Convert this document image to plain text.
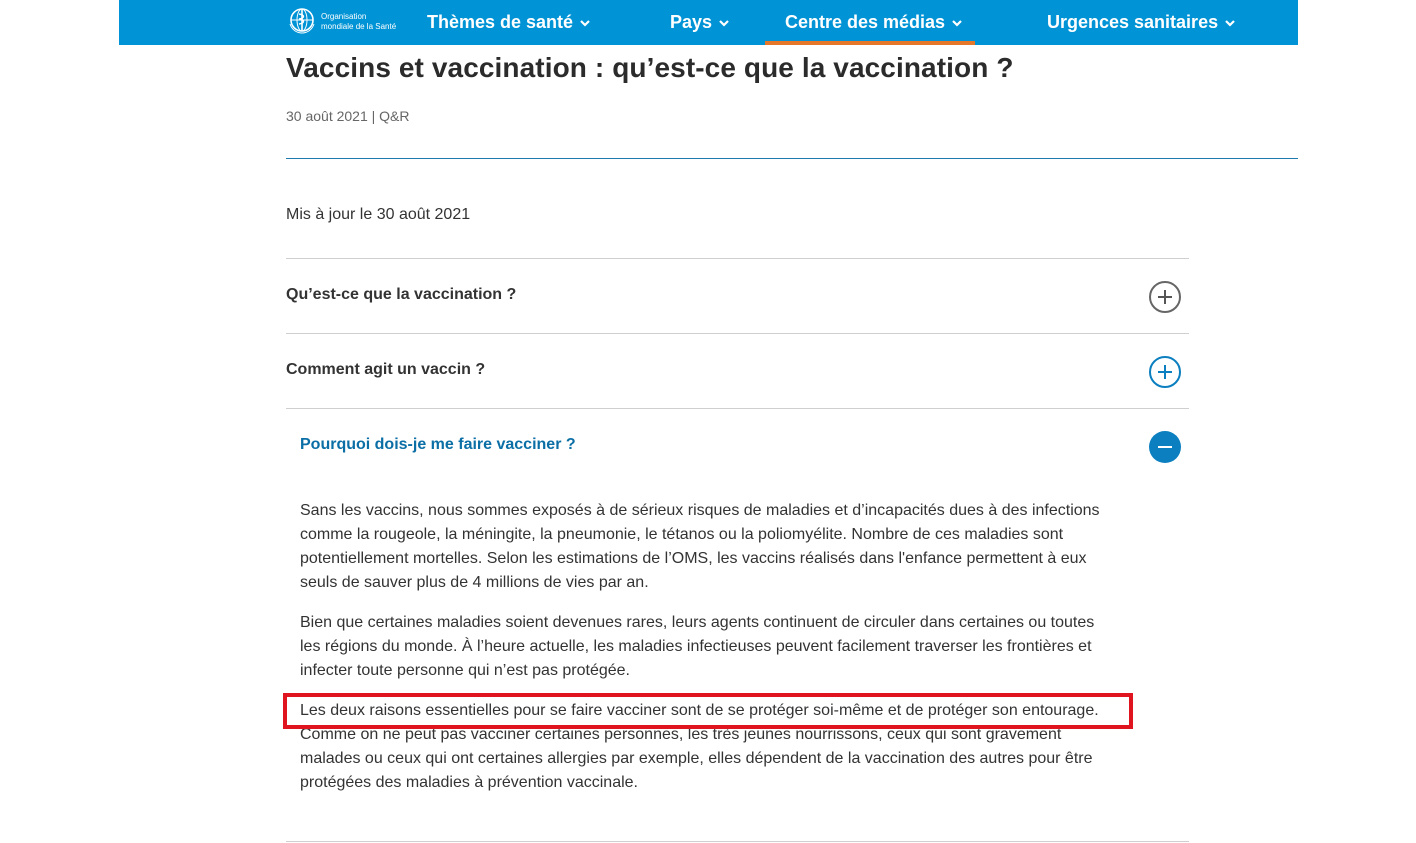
Organisation
mondiale de la Santé	Thèmes de santé	Pays	Centre des médias	Urgences sanitaires
Vaccins et vaccination : qu’est-ce que la vaccination ?
30 août 2021 | Q&R
Mis à jour le 30 août 2021
Qu’est-ce que la vaccination ?
Comment agit un vaccin ?
Pourquoi dois-je me faire vacciner ?

Sans les vaccins, nous sommes exposés à de sérieux risques de maladies et d’incapacités dues à des infections comme la rougeole, la méningite, la pneumonie, le tétanos ou la poliomyélite. Nombre de ces maladies sont potentiellement mortelles. Selon les estimations de l’OMS, les vaccins réalisés dans l'enfance permettent à eux seuls de sauver plus de 4 millions de vies par an.

Bien que certaines maladies soient devenues rares, leurs agents continuent de circuler dans certaines ou toutes les régions du monde. À l’heure actuelle, les maladies infectieuses peuvent facilement traverser les frontières et infecter toute personne qui n’est pas protégée.

Les deux raisons essentielles pour se faire vacciner sont de se protéger soi-même et de protéger son entourage.

Comme on ne peut pas vacciner certaines personnes, les très jeunes nourrissons, ceux qui sont gravement malades ou ceux qui ont certaines allergies par exemple, elles dépendent de la vaccination des autres pour être protégées des maladies à prévention vaccinale.
